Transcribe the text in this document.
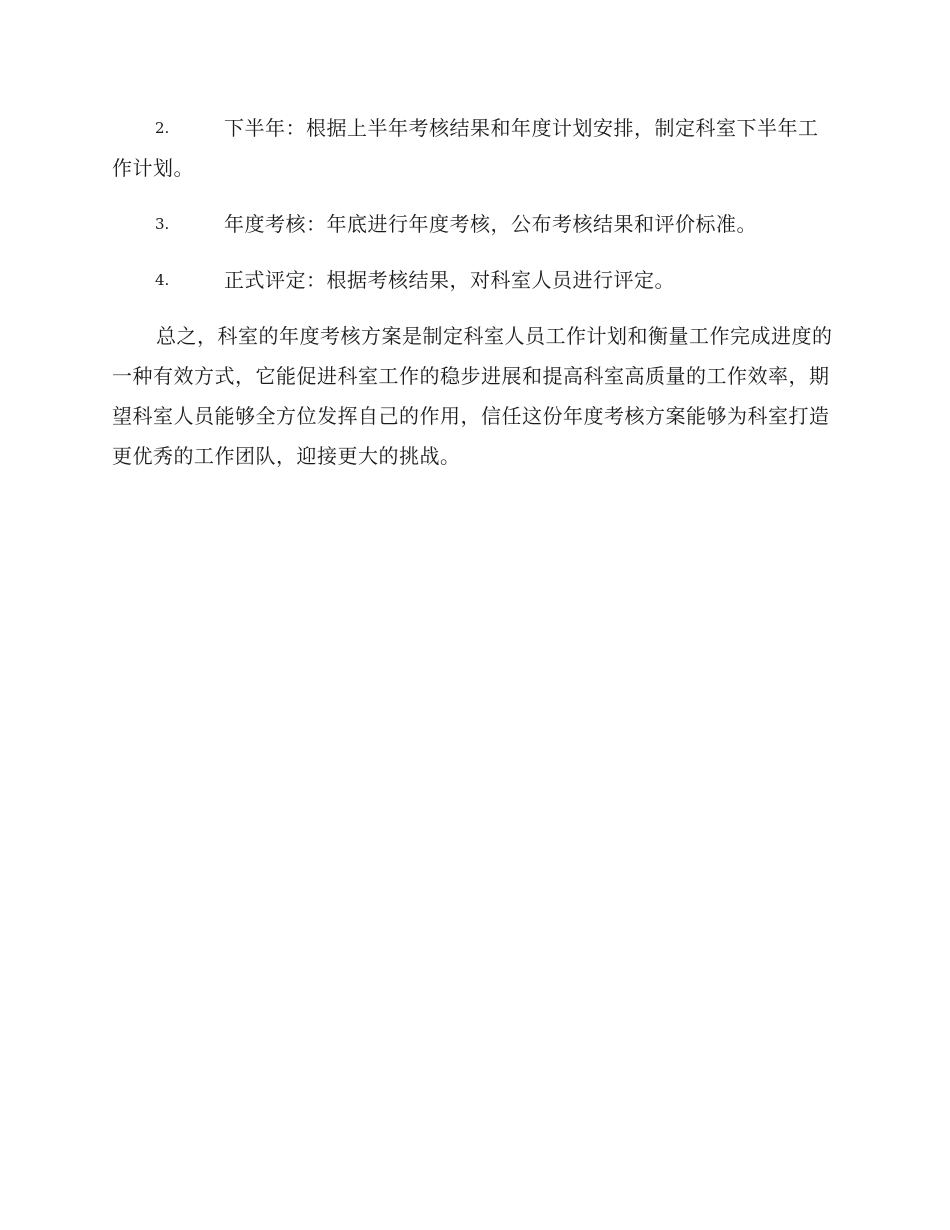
2.	下半年：根据上半年考核结果和年度计划安排，制定科室下半年工作计划。
3.	年度考核：年底进行年度考核，公布考核结果和评价标准。
4.	正式评定：根据考核结果，对科室人员进行评定。

总之，科室的年度考核方案是制定科室人员工作计划和衡量工作完成进度的一种有效方式，它能促进科室工作的稳步进展和提高科室高质量的工作效率，期望科室人员能够全方位发挥自己的作用，信任这份年度考核方案能够为科室打造更优秀的工作团队，迎接更大的挑战。
